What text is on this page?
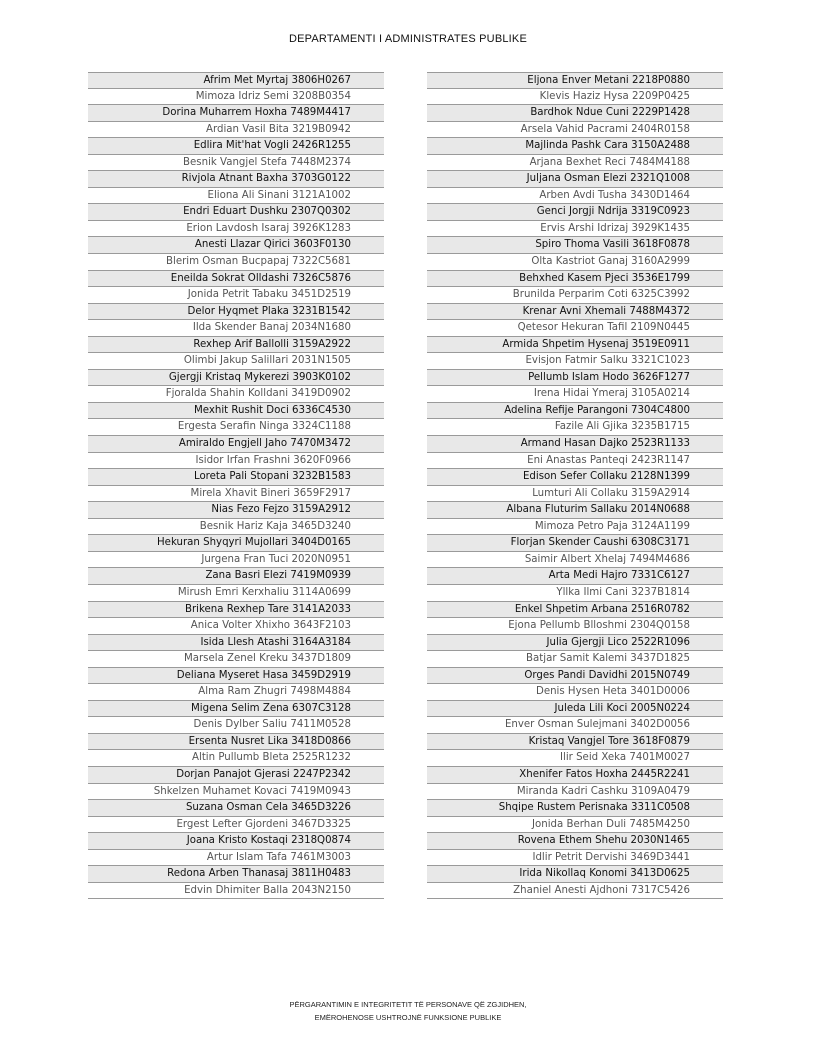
DEPARTAMENTI I ADMINISTRATES PUBLIKE
Afrim Met Myrtaj 3806H0267
Mimoza Idriz Semi 3208B0354
Dorina Muharrem Hoxha 7489M4417
Ardian Vasil Bita 3219B0942
Edlira Mit'hat Vogli 2426R1255
Besnik Vangjel Stefa 7448M2374
Rivjola Atnant Baxha 3703G0122
Eliona Ali Sinani 3121A1002
Endri Eduart Dushku 2307Q0302
Erion Lavdosh Isaraj 3926K1283
Anesti Llazar Qirici 3603F0130
Blerim Osman Bucpapaj 7322C5681
Eneilda Sokrat Olldashi 7326C5876
Jonida Petrit Tabaku 3451D2519
Delor Hyqmet Plaka 3231B1542
Ilda Skender Banaj 2034N1680
Rexhep Arif Ballolli 3159A2922
Olimbi Jakup Salillari 2031N1505
Gjergji Kristaq Mykerezi 3903K0102
Fjoralda Shahin Kolldani 3419D0902
Mexhit Rushit Doci 6336C4530
Ergesta Serafin Ninga 3324C1188
Amiraldo Engjell Jaho 7470M3472
Isidor Irfan Frashni 3620F0966
Loreta Pali Stopani 3232B1583
Mirela Xhavit Bineri 3659F2917
Nias Fezo Fejzo 3159A2912
Besnik Hariz Kaja 3465D3240
Hekuran Shyqyri Mujollari 3404D0165
Jurgena Fran Tuci 2020N0951
Zana Basri Elezi 7419M0939
Mirush Emri Kerxhaliu 3114A0699
Brikena Rexhep Tare 3141A2033
Anica Volter Xhixho 3643F2103
Isida Llesh Atashi 3164A3184
Marsela Zenel Kreku 3437D1809
Deliana Myseret Hasa 3459D2919
Alma Ram Zhugri 7498M4884
Migena Selim Zena 6307C3128
Denis Dylber Saliu 7411M0528
Ersenta Nusret Lika 3418D0866
Altin Pullumb Bleta 2525R1232
Dorjan Panajot Gjerasi 2247P2342
Shkelzen Muhamet Kovaci 7419M0943
Suzana Osman Cela 3465D3226
Ergest Lefter Gjordeni 3467D3325
Joana Kristo Kostaqi 2318Q0874
Artur Islam Tafa 7461M3003
Redona Arben Thanasaj 3811H0483
Edvin Dhimiter Balla 2043N2150
Eljona Enver Metani 2218P0880
Klevis Haziz Hysa 2209P0425
Bardhok Ndue Cuni 2229P1428
Arsela Vahid Pacrami 2404R0158
Majlinda Pashk Cara 3150A2488
Arjana Bexhet Reci 7484M4188
Juljana Osman Elezi 2321Q1008
Arben Avdi Tusha 3430D1464
Genci Jorgji Ndrija 3319C0923
Ervis Arshi Idrizaj 3929K1435
Spiro Thoma Vasili 3618F0878
Olta Kastriot Ganaj 3160A2999
Behxhed Kasem Pjeci 3536E1799
Brunilda Perparim Coti 6325C3992
Krenar Avni Xhemali 7488M4372
Qetesor Hekuran Tafil 2109N0445
Armida Shpetim Hysenaj 3519E0911
Evisjon Fatmir Salku 3321C1023
Pellumb Islam Hodo 3626F1277
Irena Hidai Ymeraj 3105A0214
Adelina Refije Parangoni 7304C4800
Fazile Ali Gjika 3235B1715
Armand Hasan Dajko 2523R1133
Eni Anastas Panteqi 2423R1147
Edison Sefer Collaku 2128N1399
Lumturi Ali Collaku 3159A2914
Albana Fluturim Sallaku 2014N0688
Mimoza Petro Paja 3124A1199
Florjan Skender Caushi 6308C3171
Saimir Albert Xhelaj 7494M4686
Arta Medi Hajro 7331C6127
Yllka Ilmi Cani 3237B1814
Enkel Shpetim Arbana 2516R0782
Ejona Pellumb Blloshmi 2304Q0158
Julia Gjergji Lico 2522R1096
Batjar Samit Kalemi 3437D1825
Orges Pandi Davidhi 2015N0749
Denis Hysen Heta 3401D0006
Juleda Lili Koci 2005N0224
Enver Osman Sulejmani 3402D0056
Kristaq Vangjel Tore 3618F0879
Ilir Seid Xeka 7401M0027
Xhenifer Fatos Hoxha 2445R2241
Miranda Kadri Cashku 3109A0479
Shqipe Rustem Perisnaka 3311C0508
Jonida Berhan Duli 7485M4250
Rovena Ethem Shehu 2030N1465
Idlir Petrit Dervishi 3469D3441
Irida Nikollaq Konomi 3413D0625
Zhaniel Anesti Ajdhoni 7317C5426
PËRGARANTIMIN E INTEGRITETIT TË PERSONAVE QË ZGJIDHEN,
EMËROHENOSE USHTROJNË FUNKSIONE PUBLIKE
